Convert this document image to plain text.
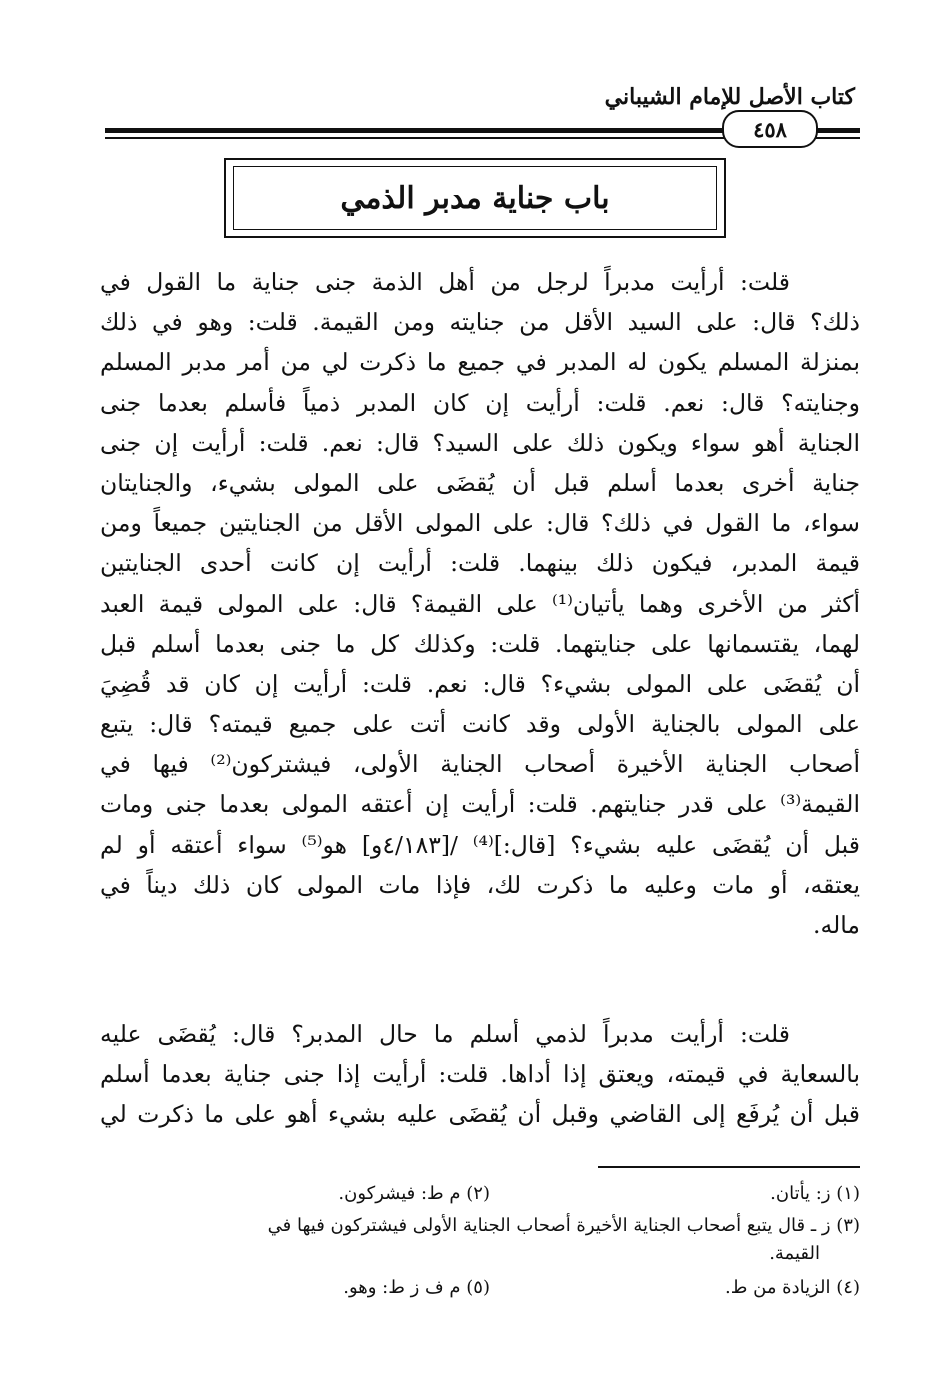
كتاب الأصل للإمام الشيباني
٤٥٨
باب جناية مدبر الذمي
قلت: أرأيت مدبراً لرجل من أهل الذمة جنى جناية ما القول في
ذلك؟ قال: على السيد الأقل من جنايته ومن القيمة. قلت: وهو في ذلك
بمنزلة المسلم يكون له المدبر في جميع ما ذكرت لي من أمر مدبر المسلم
وجنايته؟ قال: نعم. قلت: أرأيت إن كان المدبر ذمياً فأسلم بعدما جنى
الجناية أهو سواء ويكون ذلك على السيد؟ قال: نعم. قلت: أرأيت إن جنى
جناية أخرى بعدما أسلم قبل أن يُقضَى على المولى بشيء، والجنايتان
سواء، ما القول في ذلك؟ قال: على المولى الأقل من الجنايتين جميعاً ومن
قيمة المدبر، فيكون ذلك بينهما. قلت: أرأيت إن كانت أحدى الجنايتين
أكثر من الأخرى وهما يأتيان⁽¹⁾ على القيمة؟ قال: على المولى قيمة العبد
لهما، يقتسمانها على جنايتهما. قلت: وكذلك كل ما جنى بعدما أسلم قبل
أن يُقضَى على المولى بشيء؟ قال: نعم. قلت: أرأيت إن كان قد قُضِيَ
على المولى بالجناية الأولى وقد كانت أتت على جميع قيمته؟ قال: يتبع
أصحاب الجناية الأخيرة أصحاب الجناية الأولى، فيشتركون⁽²⁾ فيها في
القيمة⁽³⁾ على قدر جنايتهم. قلت: أرأيت إن أعتقه المولى بعدما جنى ومات
قبل أن يُقضَى عليه بشيء؟ [قال:]⁽⁴⁾ /[٤/١٨٣و] هو⁽⁵⁾ سواء أعتقه أو لم
يعتقه، أو مات وعليه ما ذكرت لك، فإذا مات المولى كان ذلك ديناً في
ماله.
قلت: أرأيت مدبراً لذمي أسلم ما حال المدبر؟ قال: يُقضَى عليه
بالسعاية في قيمته، ويعتق إذا أداها. قلت: أرأيت إذا جنى جناية بعدما أسلم
قبل أن يُرفَع إلى القاضي وقبل أن يُقضَى عليه بشيء أهو على ما ذكرت لي
(١) ز: يأتان.
(٢) م ط: فيشركون.
(٣) ز ـ قال يتبع أصحاب الجناية الأخيرة أصحاب الجناية الأولى فيشتركون فيها في
القيمة.
(٤) الزيادة من ط.
(٥) م ف ز ط: وهو.
